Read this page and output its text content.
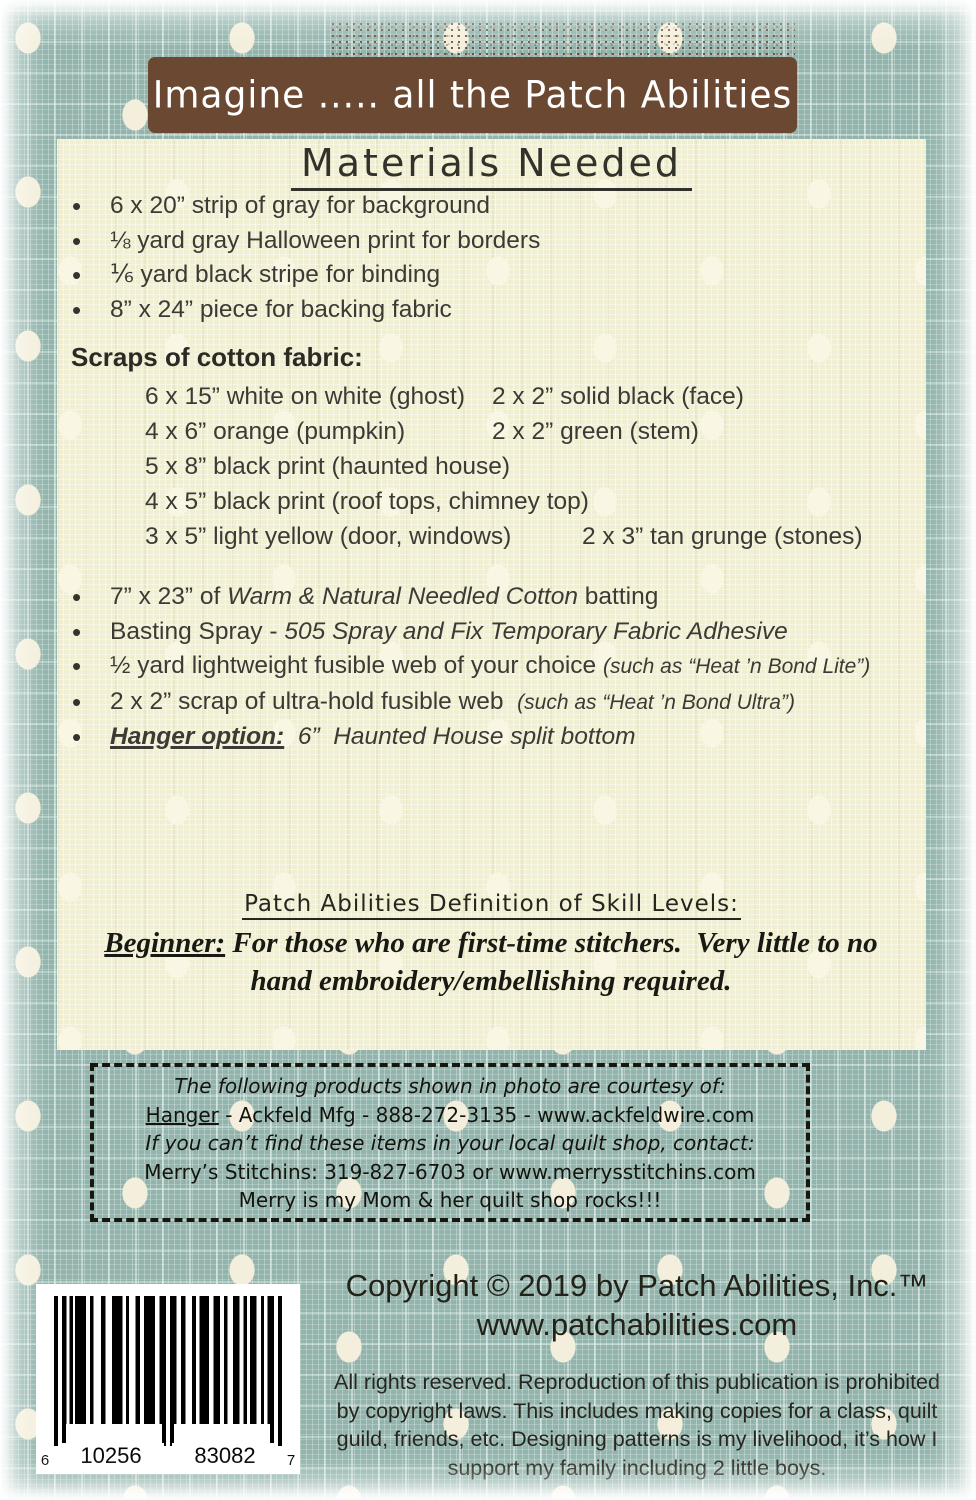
Imagine ..... all the Patch Abilities
Materials Needed
• 6 x 20” strip of gray for background
• ⅛ yard gray Halloween print for borders
• ⅙ yard black stripe for binding
• 8” x 24” piece for backing fabric
Scraps of cotton fabric:
6 x 15” white on white (ghost)	2 x 2” solid black (face)
4 x 6” orange (pumpkin)	2 x 2” green (stem)
5 x 8” black print (haunted house)
4 x 5” black print (roof tops, chimney top)
3 x 5” light yellow (door, windows)	2 x 3” tan grunge (stones)
• 7” x 23” of Warm & Natural Needled Cotton batting
• Basting Spray - 505 Spray and Fix Temporary Fabric Adhesive
• ½ yard lightweight fusible web of your choice (such as “Heat ’n Bond Lite”)
• 2 x 2” scrap of ultra-hold fusible web  (such as “Heat ’n Bond Ultra”)
• Hanger option:  6”  Haunted House split bottom
Patch Abilities Definition of Skill Levels:
Beginner: For those who are first-time stitchers.  Very little to no hand embroidery/embellishing required.
The following products shown in photo are courtesy of:
Hanger - Ackfeld Mfg - 888-272-3135 - www.ackfeldwire.com
If you can’t find these items in your local quilt shop, contact:
Merry’s Stitchins: 319-827-6703 or www.merrysstitchins.com
Merry is my Mom & her quilt shop rocks!!!
6	10256	83082	7
Copyright © 2019 by Patch Abilities, Inc.™
www.patchabilities.com
All rights reserved. Reproduction of this publication is prohibited by copyright laws. This includes making copies for a class, quilt guild, friends, etc. Designing patterns is my livelihood, it’s how I support my family including 2 little boys.
